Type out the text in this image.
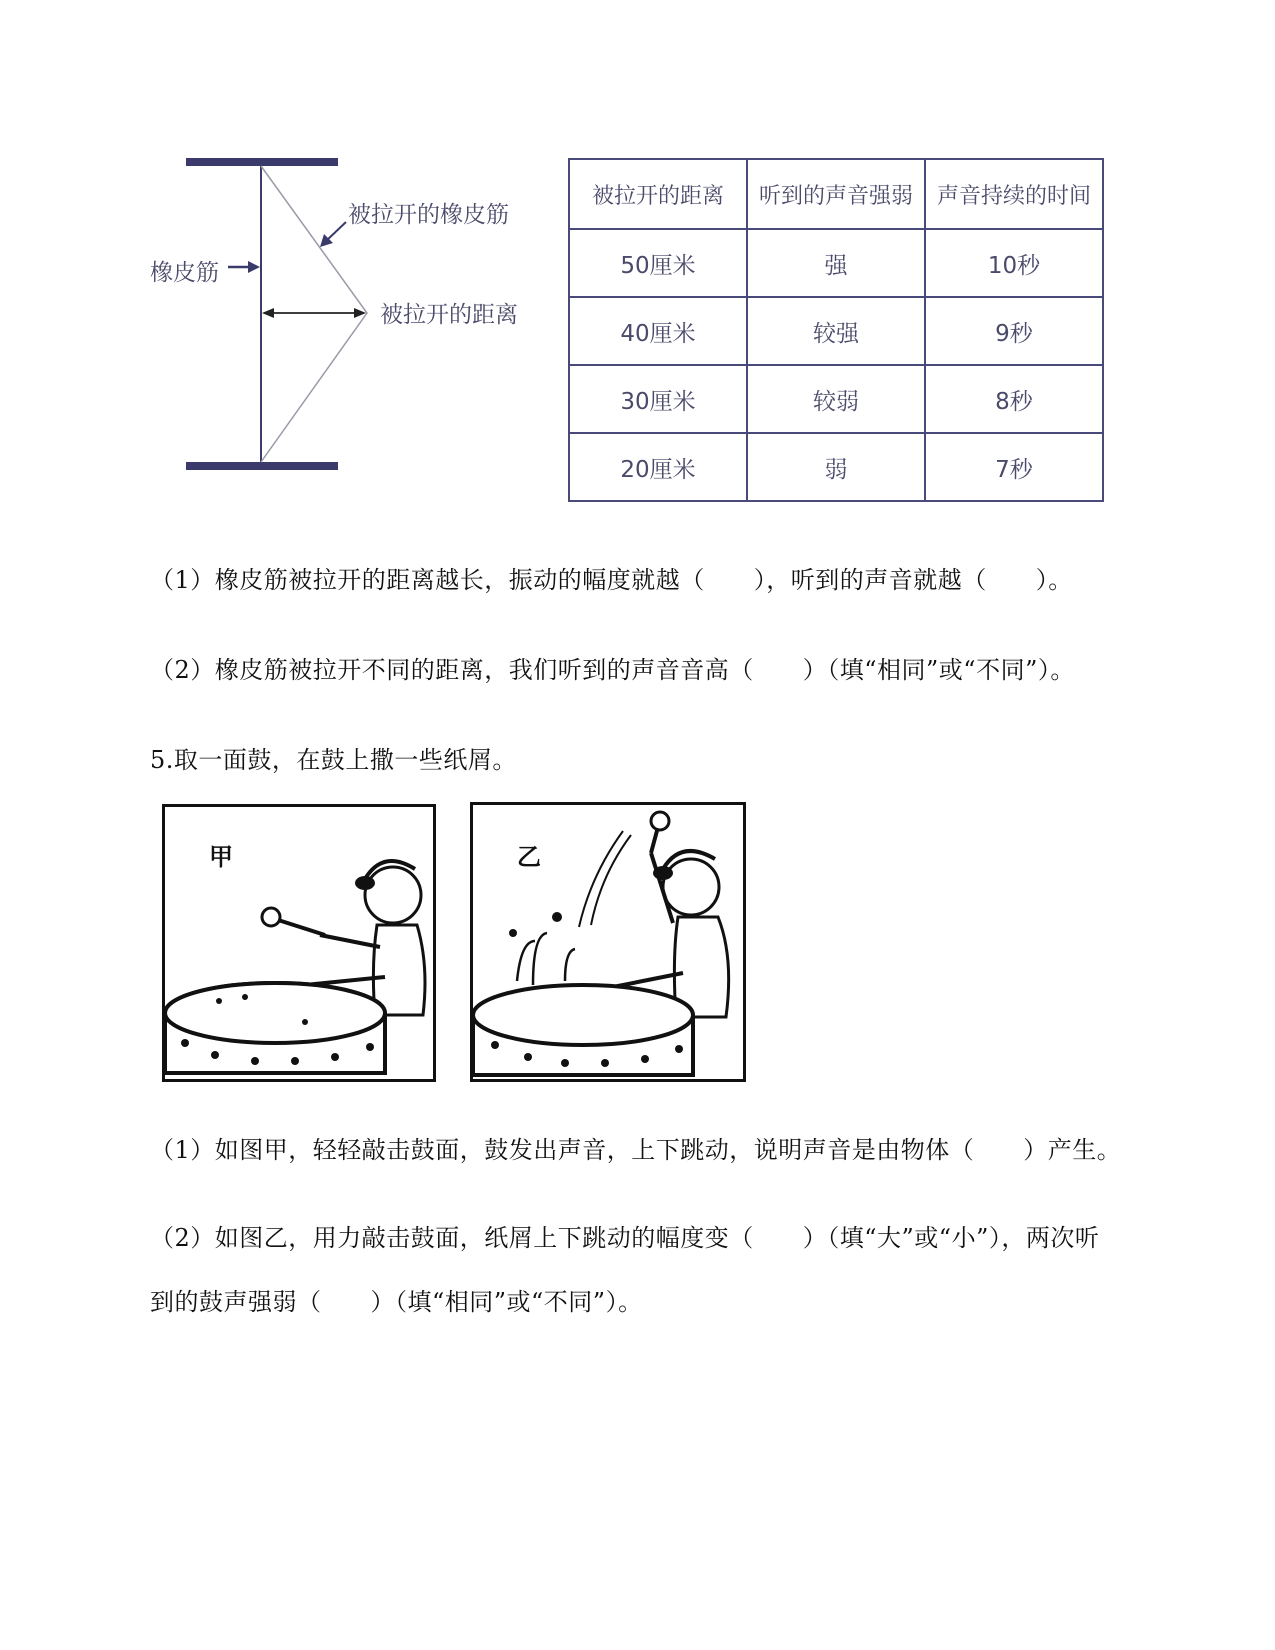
橡皮筋
被拉开的橡皮筋
被拉开的距离
被拉开的距离	听到的声音强弱	声音持续的时间
50厘米	强	10秒
40厘米	较强	9秒
30厘米	较弱	8秒
20厘米	弱	7秒
（1）橡皮筋被拉开的距离越长，振动的幅度就越（　　），听到的声音就越（　　）。
（2）橡皮筋被拉开不同的距离，我们听到的声音音高（　　）（填“相同”或“不同”）。
5.取一面鼓，在鼓上撒一些纸屑。
甲	乙
（1）如图甲，轻轻敲击鼓面，鼓发出声音，上下跳动，说明声音是由物体（　　）产生。
（2）如图乙，用力敲击鼓面，纸屑上下跳动的幅度变（　　）（填“大”或“小”），两次听
到的鼓声强弱（　　）（填“相同”或“不同”）。
